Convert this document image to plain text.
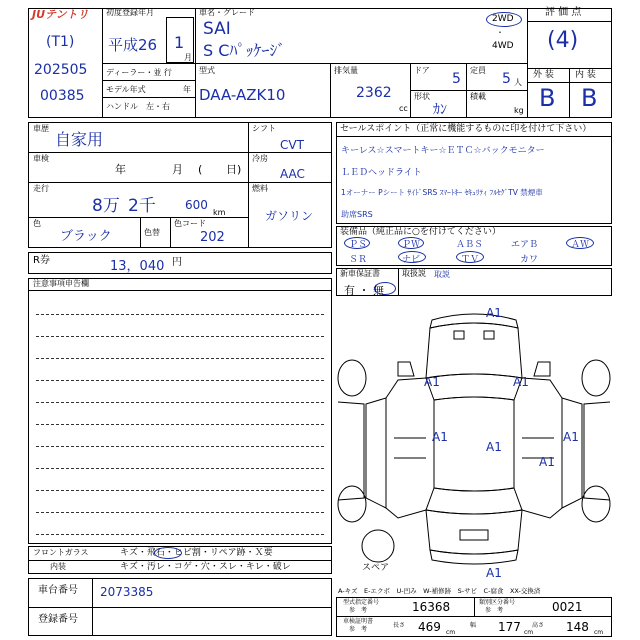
JUテントリ
(T1)
202505
00385
初度登録年月
平成26 1
月
ディーラー・並 行
モデル年式	年
ハンドル　左・右
車名・グレード
SAI
S Cﾊﾟｯｹｰｼﾞ
2WD
・
4WD
型式
DAA-AZK10
排気量
2362
cc
ドア
5
定員
5 人
形状
ｶﾝ
積載
kg
評 価 点
(4)
外 装 内 装
B B
車歴
自家用
車検
年	月 ( 日)
走行
8万 2千 600
km
色
ブラック	色替
色コード
202
シフト
CVT
冷房
AAC
燃料
ガソリン
R券	13，040 円
セールスポイント（正常に機能するものに印を付けて下さい）
キーレス☆スマートキー☆ＥＴＣ☆バックモニター
ＬＥＤヘッドライト
1オーナー Pシート ｻｲﾄﾞSRS ｽﾏｰﾄｷｰ ｾｷｭﾘﾃｨ ﾌﾙｾｸﾞTV 禁煙車
助席SRS
装備品（純正品に○を付けてください）
ＰＳ	ＰＷ	ＡＢＳ	エアＢ	ＡＷ
ＳＲ	ナビ	ＴＶ	カワ
新車保証書
有 ・ 無
取扱説 取説
注意事項申告欄
フロントガラス	キズ・飛石・ヒビ割・リペア跡・Ｘ要
内装	キズ・汚レ・コゲ・穴・スレ・キレ・破レ
車台番号 2073385
登録番号
A1
A1	A1
A1
A1
A1
A1
A1
スペア
A-キズ　E-エクボ　U-凹み　W-補修跡　S-サビ　C-腐食　XX-交換済
型式指定番号
参　考	16368	類別区分番号
参　考	0021
車検証明書
参　考
長さ 469 cm
幅 177 cm
高さ 148 cm
